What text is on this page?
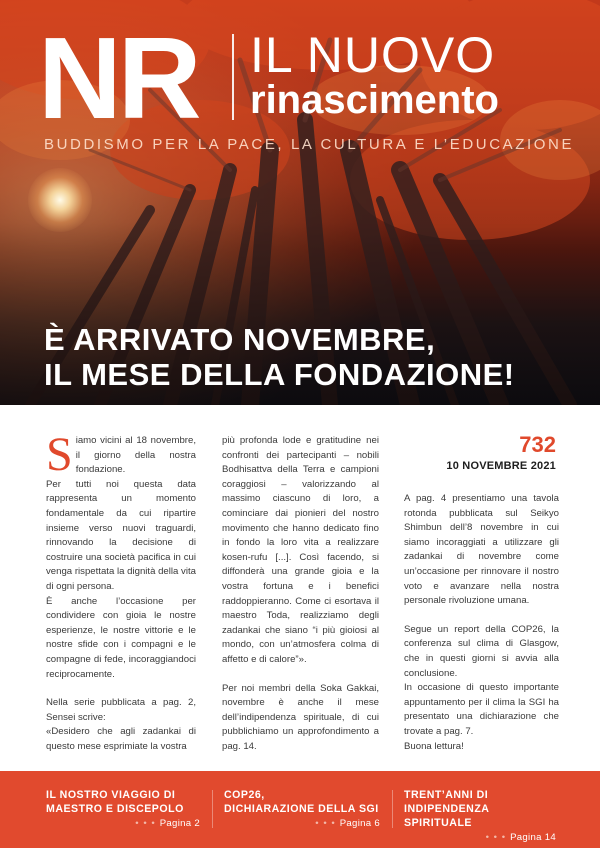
NR IL NUOVO
rinascimento
BUDDISMO PER LA PACE, LA CULTURA E L’EDUCAZIONE
È ARRIVATO NOVEMBRE,
IL MESE DELLA FONDAZIONE!

Siamo vicini al 18 novembre, il giorno della nostra fondazione.

Per tutti noi questa data rappresenta un momento fondamentale da cui ripartire insieme verso nuovi traguardi, rinnovando la decisione di costruire una società pacifica in cui venga rispettata la dignità della vita di ogni persona.

È anche l’occasione per condividere con gioia le nostre esperienze, le nostre vittorie e le nostre sfide con i compagni e le compagne di fede, incoraggiandoci reciprocamente.

Nella serie pubblicata a pag. 2, Sensei scrive:

«Desidero che agli zadankai di questo mese esprimiate la vostra

più profonda lode e gratitudine nei confronti dei partecipanti – nobili Bodhisattva della Terra e campioni coraggiosi – valorizzando al massimo ciascuno di loro, a cominciare dai pionieri del nostro movimento che hanno dedicato fino in fondo la loro vita a realizzare kosen-rufu [...]. Così facendo, si diffonderà una grande gioia e la vostra fortuna e i benefici raddoppieranno. Come ci esortava il maestro Toda, realizziamo degli zadankai che siano “i più gioiosi al mondo, con un’atmosfera colma di affetto e di calore”».

Per noi membri della Soka Gakkai, novembre è anche il mese dell’indipendenza spirituale, di cui pubblichiamo un approfondimento a pag. 14.

732
10 NOVEMBRE 2021

A pag. 4 presentiamo una tavola rotonda pubblicata sul Seikyo Shimbun dell’8 novembre in cui siamo incoraggiati a utilizzare gli zadankai di novembre come un’occasione per rinnovare il nostro voto e avanzare nella nostra personale rivoluzione umana.

Segue un report della COP26, la conferenza sul clima di Glasgow, che in questi giorni si avvia alla conclusione.

In occasione di questo importante appuntamento per il clima la SGI ha presentato una dichiarazione che trovate a pag. 7.

Buona lettura!

IL NOSTRO VIAGGIO DI
MAESTRO E DISCEPOLO
• • • Pagina 2
COP26,
DICHIARAZIONE DELLA SGI
• • • Pagina 6
TRENT’ANNI DI
INDIPENDENZA SPIRITUALE
• • • Pagina 14
